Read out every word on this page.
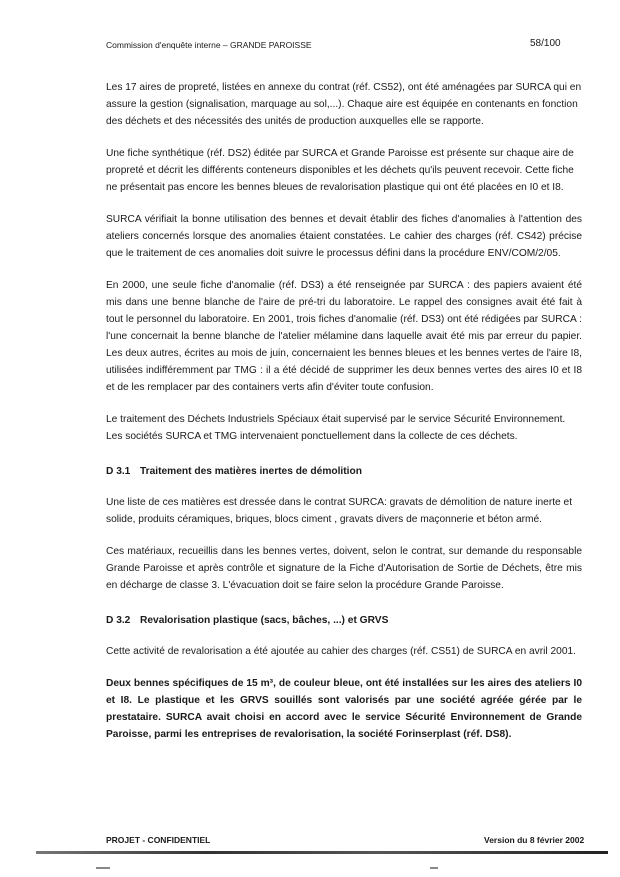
Commission d'enquête interne – GRANDE PAROISSE	58/100

Les 17 aires de propreté, listées en annexe du contrat (réf. CS52), ont été aménagées par SURCA qui en assure la gestion (signalisation, marquage au sol,...). Chaque aire est équipée en contenants en fonction des déchets et des nécessités des unités de production auxquelles elle se rapporte.

Une fiche synthétique (réf. DS2) éditée par SURCA et Grande Paroisse est présente sur chaque aire de propreté et décrit les différents conteneurs disponibles et les déchets qu'ils peuvent recevoir. Cette fiche ne présentait pas encore les bennes bleues de revalorisation plastique qui ont été placées en I0 et I8.

SURCA vérifiait la bonne utilisation des bennes et devait établir des fiches d'anomalies à l'attention des ateliers concernés lorsque des anomalies étaient constatées. Le cahier des charges (réf. CS42) précise que le traitement de ces anomalies doit suivre le processus défini dans la procédure ENV/COM/2/05.

En 2000, une seule fiche d'anomalie (réf. DS3) a été renseignée par SURCA : des papiers avaient été mis dans une benne blanche de l'aire de pré-tri du laboratoire. Le rappel des consignes avait été fait à tout le personnel du laboratoire. En 2001, trois fiches d'anomalie (réf. DS3) ont été rédigées par SURCA : l'une concernait la benne blanche de l'atelier mélamine dans laquelle avait été mis par erreur du papier. Les deux autres, écrites au mois de juin, concernaient les bennes bleues et les bennes vertes de l'aire I8, utilisées indifféremment par TMG : il a été décidé de supprimer les deux bennes vertes des aires I0 et I8 et de les remplacer par des containers verts afin d'éviter toute confusion.

Le traitement des Déchets Industriels Spéciaux était supervisé par le service Sécurité Environnement. Les sociétés SURCA et TMG intervenaient ponctuellement dans la collecte de ces déchets.

D 3.1 Traitement des matières inertes de démolition

Une liste de ces matières est dressée dans le contrat SURCA: gravats de démolition de nature inerte et solide, produits céramiques, briques, blocs ciment , gravats divers de maçonnerie et béton armé.

Ces matériaux, recueillis dans les bennes vertes, doivent, selon le contrat, sur demande du responsable Grande Paroisse et après contrôle et signature de la Fiche d'Autorisation de Sortie de Déchets, être mis en décharge de classe 3. L'évacuation doit se faire selon la procédure Grande Paroisse.

D 3.2 Revalorisation plastique (sacs, bâches, ...) et GRVS

Cette activité de revalorisation a été ajoutée au cahier des charges (réf. CS51) de SURCA en avril 2001.

Deux bennes spécifiques de 15 m³, de couleur bleue, ont été installées sur les aires des ateliers I0 et I8. Le plastique et les GRVS souillés sont valorisés par une société agréée gérée par le prestataire. SURCA avait choisi en accord avec le service Sécurité Environnement de Grande Paroisse, parmi les entreprises de revalorisation, la société Forinserplast (réf. DS8).

PROJET - CONFIDENTIEL	Version du 8 février 2002
